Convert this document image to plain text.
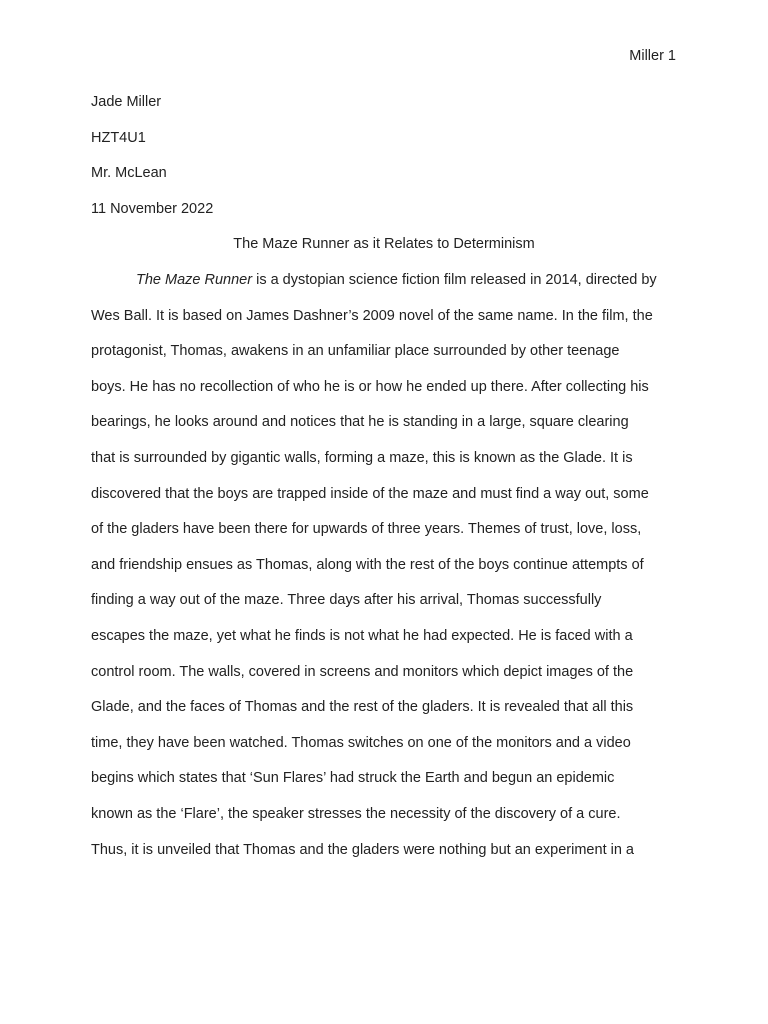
Miller 1
Jade Miller
HZT4U1
Mr. McLean
11 November 2022
The Maze Runner as it Relates to Determinism
The Maze Runner is a dystopian science fiction film released in 2014, directed by
Wes Ball. It is based on James Dashner’s 2009 novel of the same name. In the film, the
protagonist, Thomas, awakens in an unfamiliar place surrounded by other teenage
boys. He has no recollection of who he is or how he ended up there. After collecting his
bearings, he looks around and notices that he is standing in a large, square clearing
that is surrounded by gigantic walls, forming a maze, this is known as the Glade. It is
discovered that the boys are trapped inside of the maze and must find a way out, some
of the gladers have been there for upwards of three years. Themes of trust, love, loss,
and friendship ensues as Thomas, along with the rest of the boys continue attempts of
finding a way out of the maze. Three days after his arrival, Thomas successfully
escapes the maze, yet what he finds is not what he had expected. He is faced with a
control room. The walls, covered in screens and monitors which depict images of the
Glade, and the faces of Thomas and the rest of the gladers. It is revealed that all this
time, they have been watched. Thomas switches on one of the monitors and a video
begins which states that ‘Sun Flares’ had struck the Earth and begun an epidemic
known as the ‘Flare’, the speaker stresses the necessity of the discovery of a cure.
Thus, it is unveiled that Thomas and the gladers were nothing but an experiment in a
